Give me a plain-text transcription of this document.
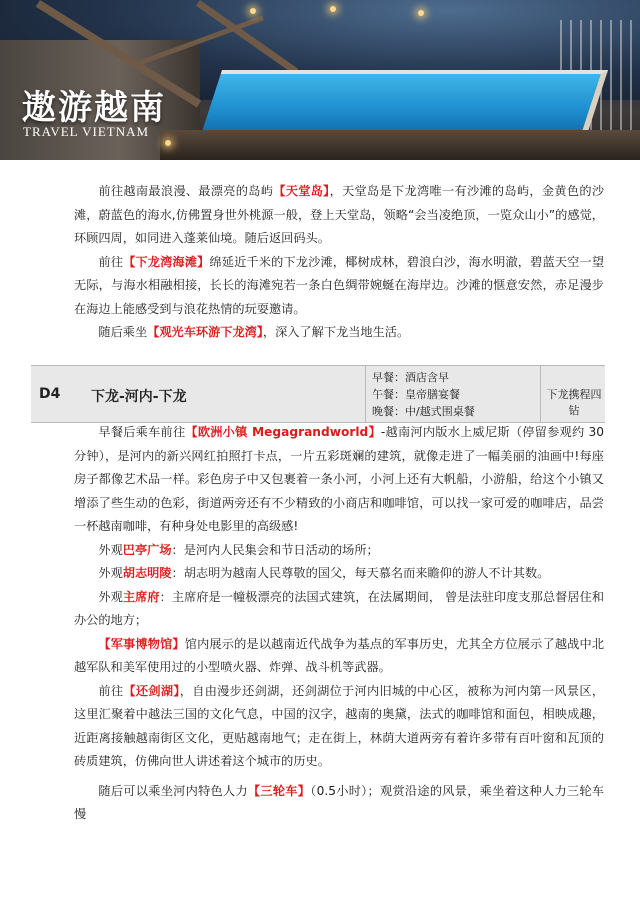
遨游越南
TRAVEL VIETNAM

前往越南最浪漫、最漂亮的岛屿【天堂岛】，天堂岛是下龙湾唯一有沙滩的岛屿，金黄色的沙滩，蔚蓝色的海水,仿佛置身世外桃源一般，登上天堂岛，领略“会当凌绝顶，一览众山小”的感觉，环顾四周，如同进入蓬莱仙境。随后返回码头。

前往【下龙湾海滩】绵延近千米的下龙沙滩，椰树成林，碧浪白沙，海水明澈，碧蓝天空一望无际，与海水相融相接，长长的海滩宛若一条白色绸带婉蜒在海岸边。沙滩的惬意安然，赤足漫步在海边上能感受到与浪花热情的玩耍邀请。

随后乘坐【观光车环游下龙湾】，深入了解下龙当地生活。

D4 下龙-河内-下龙
早餐：酒店含早
午餐：皇帝膳宴餐
晚餐：中/越式围桌餐
下龙携程四钻

早餐后乘车前往【欧洲小镇 Megagrandworld】-越南河内版水上威尼斯（停留参观约 30 分钟），是河内的新兴网红拍照打卡点，一片五彩斑斓的建筑，就像走进了一幅美丽的油画中!每座房子都像艺术品一样。彩色房子中又包裹着一条小河，小河上还有大帆船，小游船，给这个小镇又增添了些生动的色彩，街道两旁还有不少精致的小商店和咖啡馆，可以找一家可爱的咖啡店，品尝一杯越南咖啡，有种身处电影里的高级感!

外观巴亭广场：是河内人民集会和节日活动的场所；

外观胡志明陵：胡志明为越南人民尊敬的国父，每天慕名而来瞻仰的游人不计其数。

外观主席府：主席府是一幢极漂亮的法国式建筑，在法属期间， 曾是法驻印度支那总督居住和办公的地方；

【军事博物馆】馆内展示的是以越南近代战争为基点的军事历史，尤其全方位展示了越战中北越军队和美军使用过的小型喷火器、炸弹、战斗机等武器。

前往【还剑湖】，自由漫步还剑湖，还剑湖位于河内旧城的中心区，被称为河内第一风景区，这里汇聚着中越法三国的文化气息，中国的汉字，越南的奥黛，法式的咖啡馆和面包，相映成趣，近距离接触越南街区文化，更贴越南地气；走在街上，林荫大道两旁有着许多带有百叶窗和瓦顶的砖质建筑，仿佛向世人讲述着这个城市的历史。

随后可以乘坐河内特色人力【三轮车】（0.5小时）；观赏沿途的风景，乘坐着这种人力三轮车慢
